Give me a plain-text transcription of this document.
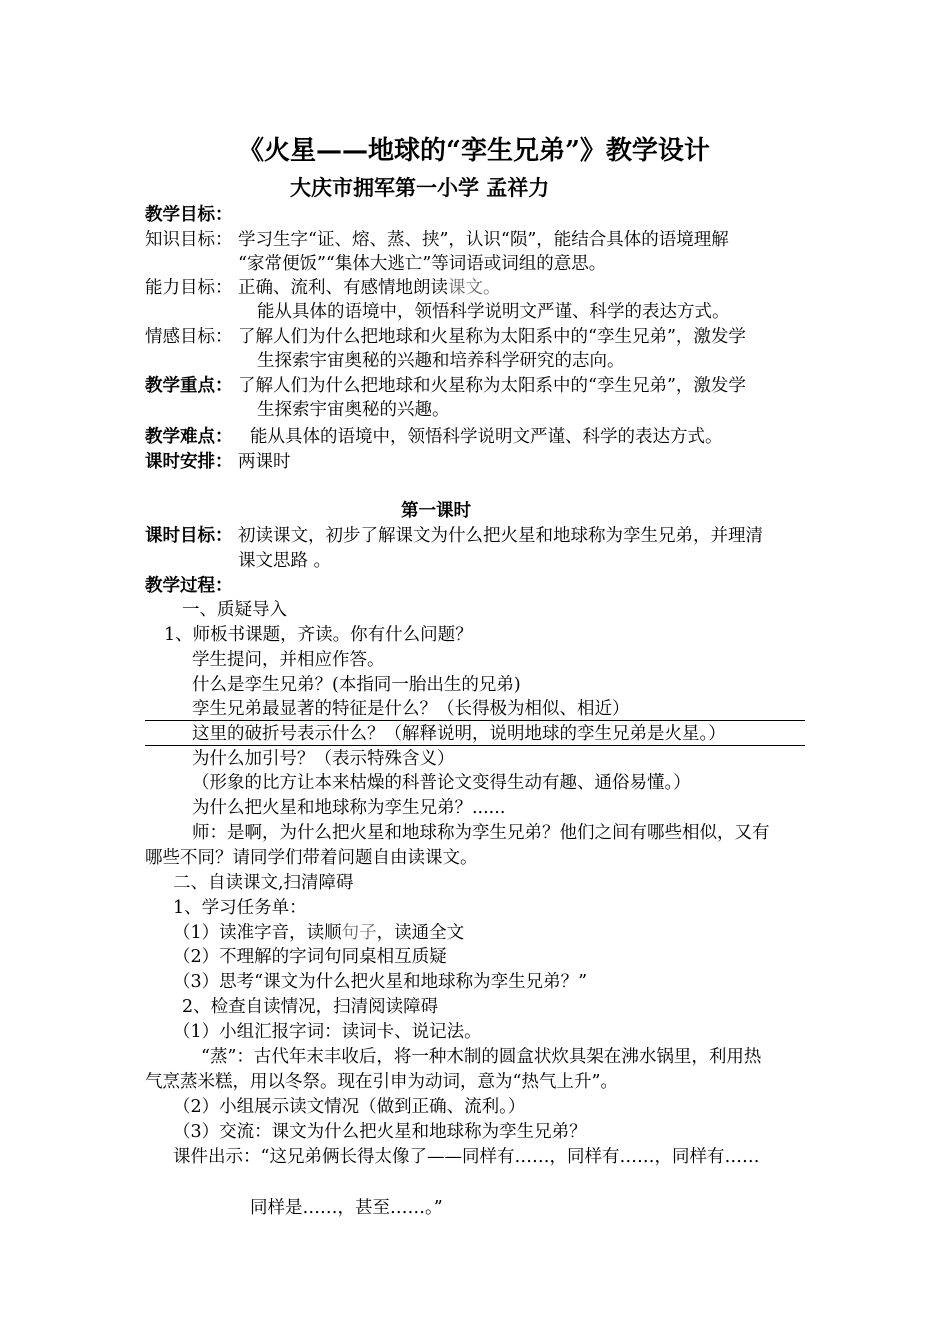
《火星——地球的“孪生兄弟”》教学设计
大庆市拥军第一小学 孟祥力
教学目标：
知识目标： 学习生字“证、熔、蒸、挟”，认识“陨”，能结合具体的语境理解
“家常便饭”“集体大逃亡”等词语或词组的意思。
能力目标： 正确、流利、有感情地朗读课文。
能从具体的语境中，领悟科学说明文严谨、科学的表达方式。
情感目标： 了解人们为什么把地球和火星称为太阳系中的“孪生兄弟”，激发学
生探索宇宙奥秘的兴趣和培养科学研究的志向。
教学重点： 了解人们为什么把地球和火星称为太阳系中的“孪生兄弟”，激发学
生探索宇宙奥秘的兴趣。
教学难点： 能从具体的语境中，领悟科学说明文严谨、科学的表达方式。
课时安排： 两课时
第一课时
课时目标： 初读课文，初步了解课文为什么把火星和地球称为孪生兄弟，并理清
课文思路 。
教学过程：
一、质疑导入
1、师板书课题，齐读。你有什么问题？
学生提问，并相应作答。
什么是孪生兄弟？(本指同一胎出生的兄弟)
孪生兄弟最显著的特征是什么？（长得极为相似、相近）
这里的破折号表示什么？（解释说明，说明地球的孪生兄弟是火星。）
为什么加引号？（表示特殊含义）
（形象的比方让本来枯燥的科普论文变得生动有趣、通俗易懂。）
为什么把火星和地球称为孪生兄弟？......
师：是啊，为什么把火星和地球称为孪生兄弟？他们之间有哪些相似，又有
哪些不同？请同学们带着问题自由读课文。
二、自读课文,扫清障碍
1、学习任务单：
（1）读准字音，读顺句子，读通全文
（2）不理解的字词句同桌相互质疑
（3）思考“课文为什么把火星和地球称为孪生兄弟？”
2、检查自读情况，扫清阅读障碍
（1）小组汇报字词：读词卡、说记法。
“蒸”：古代年末丰收后，将一种木制的圆盒状炊具架在沸水锅里，利用热
气烹蒸米糕，用以冬祭。现在引申为动词，意为“热气上升”。
（2）小组展示读文情况（做到正确、流利。）
（3）交流：课文为什么把火星和地球称为孪生兄弟？
课件出示：“这兄弟俩长得太像了——同样有……，同样有……，同样有……
同样是……，甚至……。”
